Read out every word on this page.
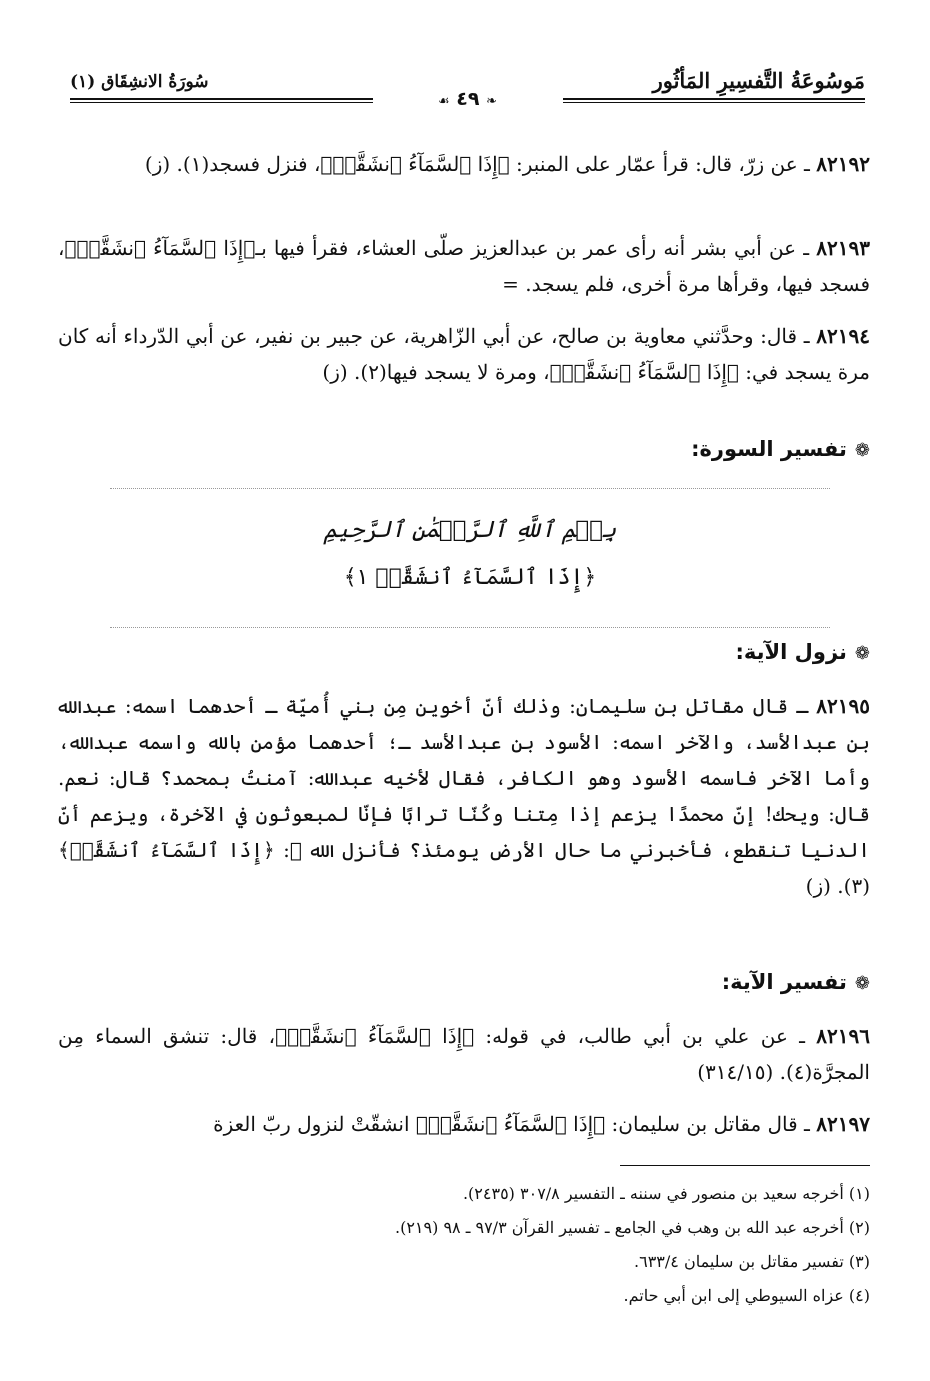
مَوسُوعَةُ التَّفسِيرِ المَأثُور
سُورَةُ الانشِقَاق (١)
❧ ٤٩ ☙
٨٢١٩٢ ـ عن زرّ، قال: قرأ عمّار على المنبر: ﴿إِذَا ٱلسَّمَآءُ ٱنشَقَّتۡ﴾، فنزل فسجد(١). (ز)
٨٢١٩٣ ـ عن أبي بشر أنه رأى عمر بن عبدالعزيز صلّى العشاء، فقرأ فيها بـ﴿إِذَا ٱلسَّمَآءُ ٱنشَقَّتۡ﴾، فسجد فيها، وقرأها مرة أخرى، فلم يسجد. =
٨٢١٩٤ ـ قال: وحدَّثني معاوية بن صالح، عن أبي الزّاهرية، عن جبير بن نفير، عن أبي الدّرداء أنه كان مرة يسجد في: ﴿إِذَا ٱلسَّمَآءُ ٱنشَقَّتۡ﴾، ومرة لا يسجد فيها(٢). (ز)
❁تفسير السورة:
بِسۡمِ ٱللَّهِ ٱلرَّحۡمَٰنِ ٱلرَّحِيمِ
﴿إِذَا ٱلسَّمَآءُ ٱنشَقَّتۡ ١﴾
❁نزول الآية:
٨٢١٩٥ ـ قال مقاتل بن سليمان: وذلك أنّ أخوين مِن بني أُميّة ـ أحدهما اسمه: عبدالله بن عبدالأسد، والآخر اسمه: الأسود بن عبدالأسد ـ؛ أحدهما مؤمن بالله واسمه عبدالله، وأما الآخر فاسمه الأسود وهو الكافر، فقال لأخيه عبدالله: آمنتُ بمحمد؟ قال: نعم. قال: ويحك! إنّ محمدًا يزعم إذا مِتنا وكُنّا ترابًا فإنّا لمبعوثون في الآخرة، ويزعم أنّ الدنيا تنقطع، فأخبرني ما حال الأرض يومئذ؟ فأنزل الله ﷻ: ﴿إِذَا ٱلسَّمَآءُ ٱنشَقَّتۡ﴾(٣). (ز)
❁تفسير الآية:
٨٢١٩٦ ـ عن علي بن أبي طالب، في قوله: ﴿إِذَا ٱلسَّمَآءُ ٱنشَقَّتۡ﴾، قال: تنشق السماء مِن المجرَّة(٤). (٣١٤/١٥)
٨٢١٩٧ ـ قال مقاتل بن سليمان: ﴿إِذَا ٱلسَّمَآءُ ٱنشَقَّتۡ﴾ انشقّتْ لنزول ربّ العزة
(١) أخرجه سعيد بن منصور في سننه ـ التفسير ٣٠٧/٨ (٢٤٣٥).
(٢) أخرجه عبد الله بن وهب في الجامع ـ تفسير القرآن ٩٧/٣ ـ ٩٨ (٢١٩).
(٣) تفسير مقاتل بن سليمان ٦٣٣/٤.
(٤) عزاه السيوطي إلى ابن أبي حاتم.
